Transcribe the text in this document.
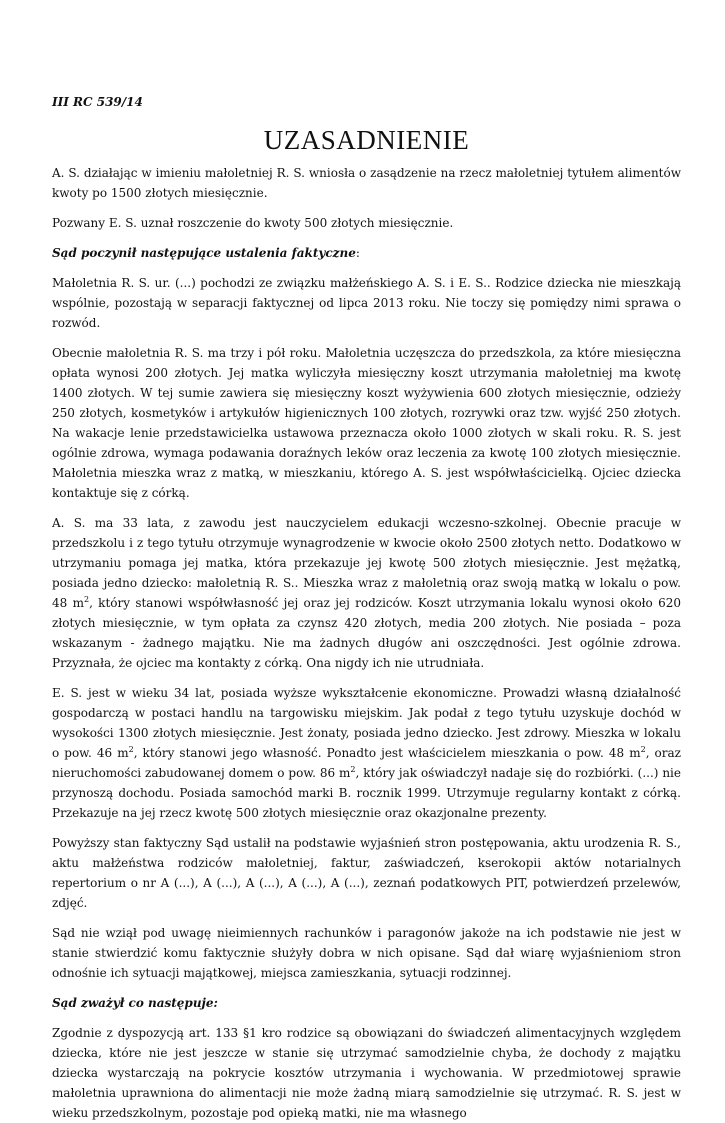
III RC 539/14

UZASADNIENIE

A. S. działając w imieniu małoletniej R. S. wniosła o zasądzenie na rzecz małoletniej tytułem alimentów kwoty po 1500 złotych miesięcznie.

Pozwany E. S. uznał roszczenie do kwoty 500 złotych miesięcznie.

Sąd poczynił następujące ustalenia faktyczne:

Małoletnia R. S. ur. (...) pochodzi ze związku małżeńskiego A. S. i E. S.. Rodzice dziecka nie mieszkają wspólnie, pozostają w separacji faktycznej od lipca 2013 roku. Nie toczy się pomiędzy nimi sprawa o rozwód.

Obecnie małoletnia R. S. ma trzy i pół roku. Małoletnia uczęszcza do przedszkola, za które miesięczna opłata wynosi 200 złotych. Jej matka wyliczyła miesięczny koszt utrzymania małoletniej ma kwotę 1400 złotych. W tej sumie zawiera się miesięczny koszt wyżywienia 600 złotych miesięcznie, odzieży 250 złotych, kosmetyków i artykułów higienicznych 100 złotych, rozrywki oraz tzw. wyjść 250 złotych. Na wakacje lenie przedstawicielka ustawowa przeznacza około 1000 złotych w skali roku. R. S. jest ogólnie zdrowa, wymaga podawania doraźnych leków oraz leczenia za kwotę 100 złotych miesięcznie. Małoletnia mieszka wraz z matką, w mieszkaniu, którego A. S. jest współwłaścicielką. Ojciec dziecka kontaktuje się z córką.

A. S. ma 33 lata, z zawodu jest nauczycielem edukacji wczesno-szkolnej. Obecnie pracuje w przedszkolu i z tego tytułu otrzymuje wynagrodzenie w kwocie około 2500 złotych netto. Dodatkowo w utrzymaniu pomaga jej matka, która przekazuje jej kwotę 500 złotych miesięcznie. Jest mężatką, posiada jedno dziecko: małoletnią R. S.. Mieszka wraz z małoletnią oraz swoją matką w lokalu o pow. 48 $m^2$, który stanowi współwłasność jej oraz jej rodziców. Koszt utrzymania lokalu wynosi około 620 złotych miesięcznie, w tym opłata za czynsz 420 złotych, media 200 złotych. Nie posiada – poza wskazanym - żadnego majątku. Nie ma żadnych długów ani oszczędności. Jest ogólnie zdrowa. Przyznała, że ojciec ma kontakty z córką. Ona nigdy ich nie utrudniała.

E. S. jest w wieku 34 lat, posiada wyższe wykształcenie ekonomiczne. Prowadzi własną działalność gospodarczą w postaci handlu na targowisku miejskim. Jak podał z tego tytułu uzyskuje dochód w wysokości 1300 złotych miesięcznie. Jest żonaty, posiada jedno dziecko. Jest zdrowy. Mieszka w lokalu o pow. 46 $m^2$, który stanowi jego własność. Ponadto jest właścicielem mieszkania o pow. 48 $m^2$, oraz nieruchomości zabudowanej domem o pow. 86 $m^2$, który jak oświadczył nadaje się do rozbiórki. (...) nie przynoszą dochodu. Posiada samochód marki B. rocznik 1999. Utrzymuje regularny kontakt z córką. Przekazuje na jej rzecz kwotę 500 złotych miesięcznie oraz okazjonalne prezenty.

Powyższy stan faktyczny Sąd ustalił na podstawie wyjaśnień stron postępowania, aktu urodzenia R. S., aktu małżeństwa rodziców małoletniej, faktur, zaświadczeń, kserokopii aktów notarialnych repertorium o nr A (...), A (...), A (...), A (...), A (...), zeznań podatkowych PIT, potwierdzeń przelewów, zdjęć.

Sąd nie wziął pod uwagę nieimiennych rachunków i paragonów jakoże na ich podstawie nie jest w stanie stwierdzić komu faktycznie służyły dobra w nich opisane. Sąd dał wiarę wyjaśnieniom stron odnośnie ich sytuacji majątkowej, miejsca zamieszkania, sytuacji rodzinnej.

Sąd zważył co następuje:

Zgodnie z dyspozycją art. 133 §1 kro rodzice są obowiązani do świadczeń alimentacyjnych względem dziecka, które nie jest jeszcze w stanie się utrzymać samodzielnie chyba, że dochody z majątku dziecka wystarczają na pokrycie kosztów utrzymania i wychowania. W przedmiotowej sprawie małoletnia uprawniona do alimentacji nie może żadną miarą samodzielnie się utrzymać. R. S. jest w wieku przedszkolnym, pozostaje pod opieką matki, nie ma własnego
